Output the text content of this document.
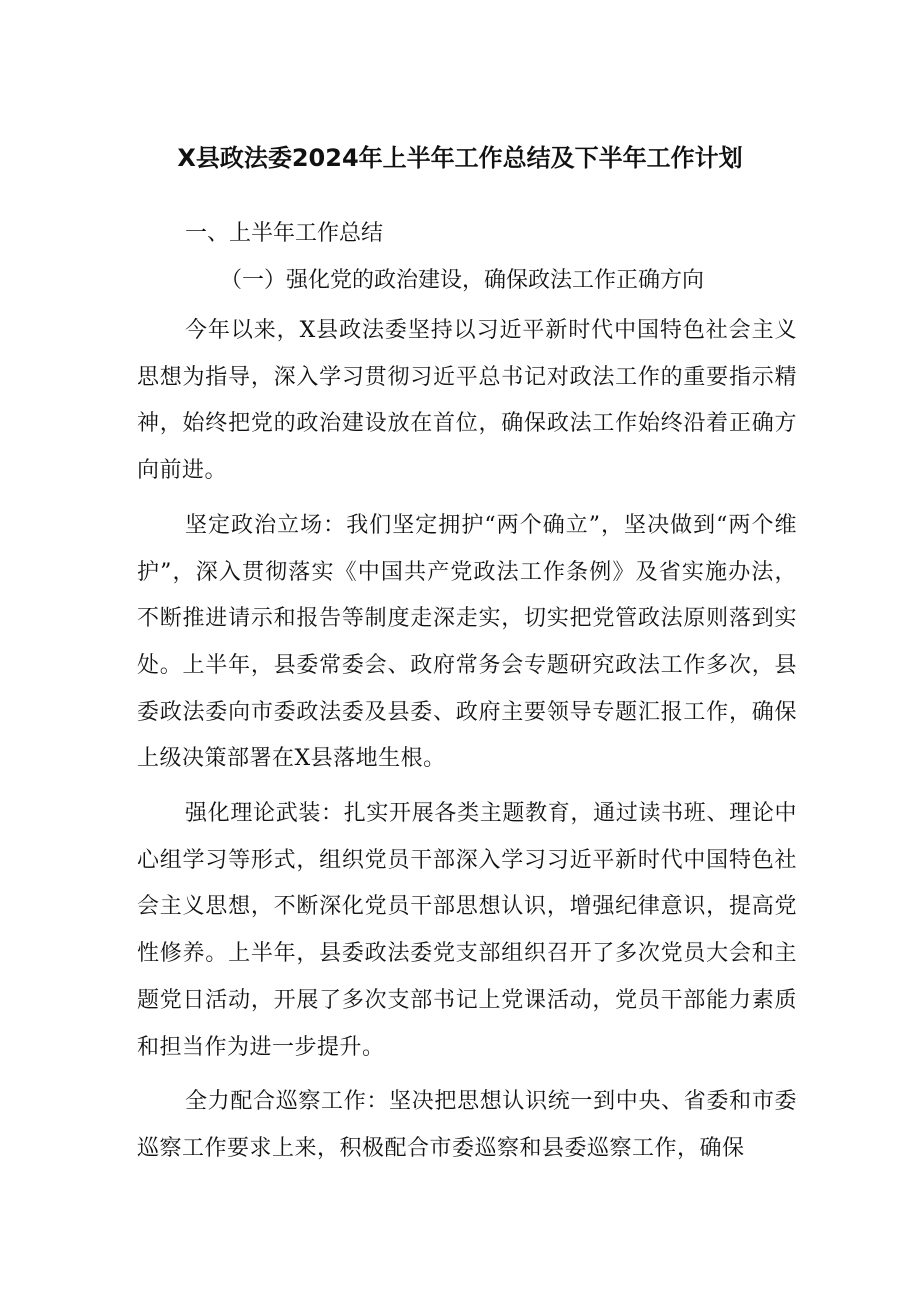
X县政法委2024年上半年工作总结及下半年工作计划
一、上半年工作总结
（一）强化党的政治建设，确保政法工作正确方向

今年以来，X县政法委坚持以习近平新时代中国特色社会主义思想为指导，深入学习贯彻习近平总书记对政法工作的重要指示精神，始终把党的政治建设放在首位，确保政法工作始终沿着正确方向前进。

坚定政治立场：我们坚定拥护“两个确立”，坚决做到“两个维护”，深入贯彻落实《中国共产党政法工作条例》及省实施办法，不断推进请示和报告等制度走深走实，切实把党管政法原则落到实处。上半年，县委常委会、政府常务会专题研究政法工作多次，县委政法委向市委政法委及县委、政府主要领导专题汇报工作，确保上级决策部署在X县落地生根。

强化理论武装：扎实开展各类主题教育，通过读书班、理论中心组学习等形式，组织党员干部深入学习习近平新时代中国特色社会主义思想，不断深化党员干部思想认识，增强纪律意识，提高党性修养。上半年，县委政法委党支部组织召开了多次党员大会和主题党日活动，开展了多次支部书记上党课活动，党员干部能力素质和担当作为进一步提升。

全力配合巡察工作：坚决把思想认识统一到中央、省委和市委巡察工作要求上来，积极配合市委巡察和县委巡察工作，确保
